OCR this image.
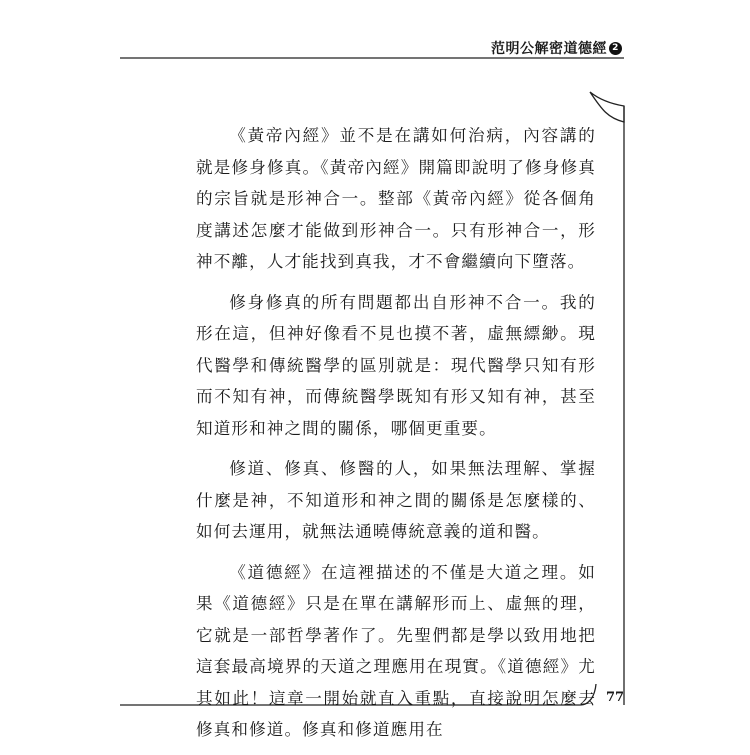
范明公解密道德經 2

《黃帝內經》並不是在講如何治病，內容講的就是修身修真。《黃帝內經》開篇即說明了修身修真的宗旨就是形神合一。整部《黃帝內經》從各個角度講述怎麼才能做到形神合一。只有形神合一，形神不離，人才能找到真我，才不會繼續向下墮落。

修身修真的所有問題都出自形神不合一。我的形在這，但神好像看不見也摸不著，虛無縹緲。現代醫學和傳統醫學的區別就是：現代醫學只知有形而不知有神，而傳統醫學既知有形又知有神，甚至知道形和神之間的關係，哪個更重要。

修道、修真、修醫的人，如果無法理解、掌握什麼是神，不知道形和神之間的關係是怎麼樣的、如何去運用，就無法通曉傳統意義的道和醫。

《道德經》在這裡描述的不僅是大道之理。如果《道德經》只是在單在講解形而上、虛無的理，它就是一部哲學著作了。先聖們都是學以致用地把這套最高境界的天道之理應用在現實。《道德經》尤其如此！這章一開始就直入重點，直接說明怎麼去修真和修道。修真和修道應用在

77
